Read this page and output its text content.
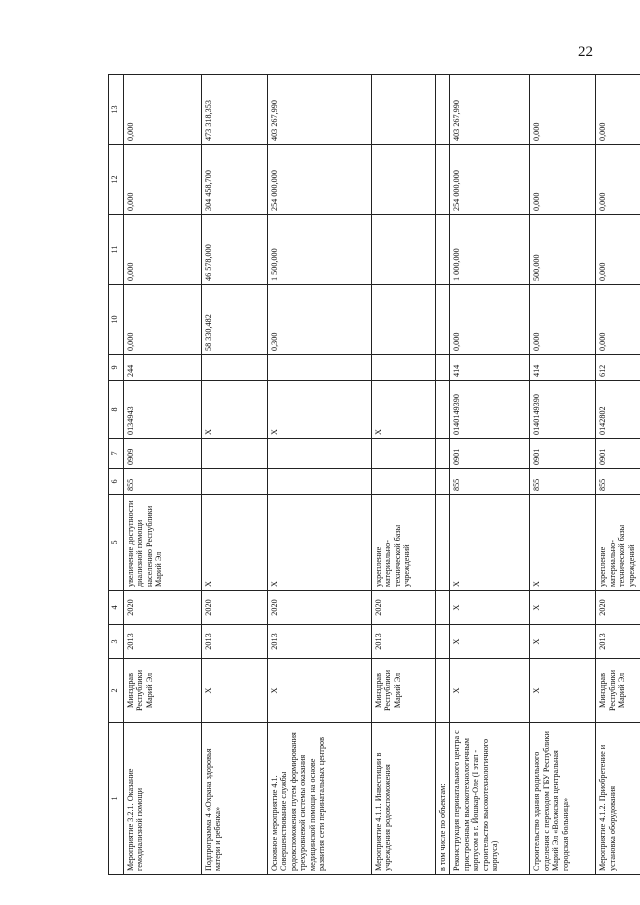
22
1	2	3	4	5	6	7	8	9	10	11	12	13
Мероприятие 3.2.1. Оказание гемодиализной помощи	Минздрав Республики Марий Эл	2013	2020	увеличение доступности диализной помощи населению Республики Марий Эл	855	0909	0134943	244	0,000	0,000	0,000	0,000
Подпрограмма 4 «Охрана здоровья матери и ребенка»	Х	2013	2020	Х			Х		58 330,482	46 578,000	304 458,700	473 318,353
Основное мероприятие 4.1. Совершенствование службы родовспоможения путем формирования трехуровневой системы оказания медицинской помощи на основе развития сети перинатальных центров	Х	2013	2020	Х			Х		0,300	1 500,000	254 000,000	403 267,990
Мероприятие 4.1.1. Инвестиции в учреждения родовспоможения	Минздрав Республики Марий Эл	2013	2020	укрепление материально-технической базы учреждений			Х					
в том числе по объектам:												
Реконструкция перинатального центра с пристроенным высокотехнологичным корпусом в г. Йошкар-Оле (I этап - строительство высокотехнологичного корпуса)	Х	Х	Х	Х	855	0901	0140149390	414	0,000	1 000,000	254 000,000	403 267,990
Строительство здания родильного отделения с переходом ГБУ Республики Марий Эл «Волжская центральная городская больница»	Х	Х	Х	Х	855	0901	0140149390	414	0,000	500,000	0,000	0,000
Мероприятие 4.1.2. Приобретение и установка оборудования	Минздрав Республики Марий Эл	2013	2020	укрепление материально-технической базы учреждений	855	0901	0142802	612	0,000	0,000	0,000	0,000
